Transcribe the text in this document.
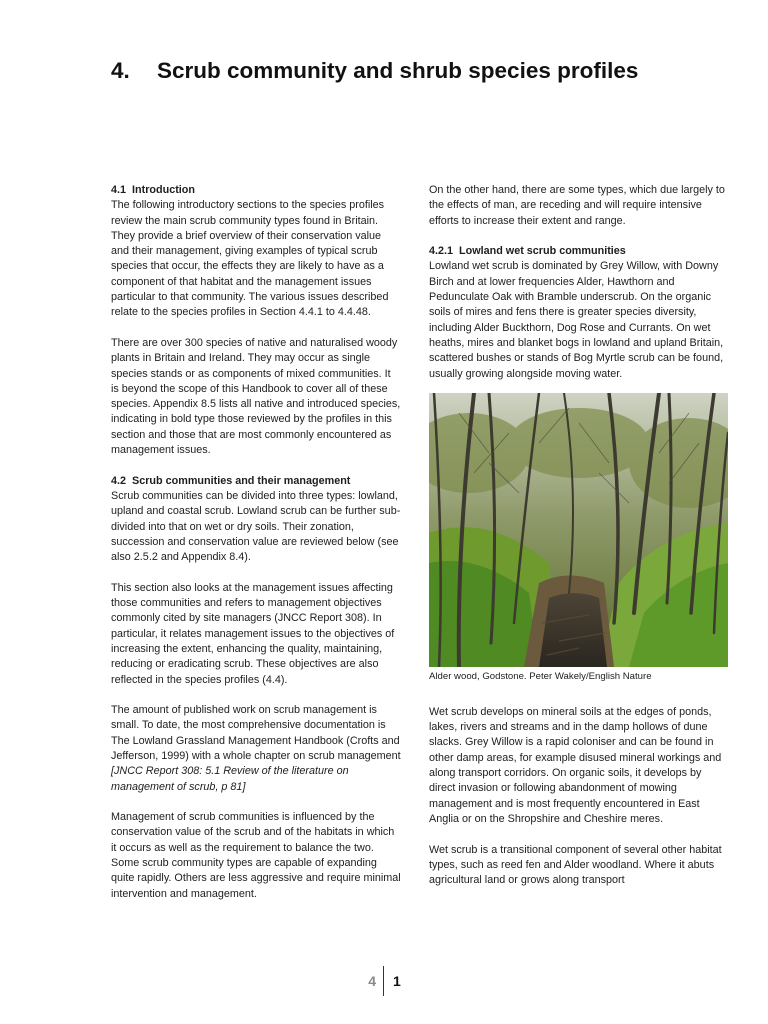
4. Scrub community and shrub species profiles
4.1 Introduction

The following introductory sections to the species profiles review the main scrub community types found in Britain. They provide a brief overview of their conservation value and their management, giving examples of typical scrub species that occur, the effects they are likely to have as a component of that habitat and the management issues particular to that community. The various issues described relate to the species profiles in Section 4.4.1 to 4.4.48.

There are over 300 species of native and naturalised woody plants in Britain and Ireland. They may occur as single species stands or as components of mixed communities. It is beyond the scope of this Handbook to cover all of these species. Appendix 8.5 lists all native and introduced species, indicating in bold type those reviewed by the profiles in this section and those that are most commonly encountered as management issues.

4.2 Scrub communities and their management

Scrub communities can be divided into three types: lowland, upland and coastal scrub. Lowland scrub can be further sub-divided into that on wet or dry soils. Their zonation, succession and conservation value are reviewed below (see also 2.5.2 and Appendix 8.4).

This section also looks at the management issues affecting those communities and refers to management objectives commonly cited by site managers (JNCC Report 308). In particular, it relates management issues to the objectives of increasing the extent, enhancing the quality, maintaining, reducing or eradicating scrub. These objectives are also reflected in the species profiles (4.4).

The amount of published work on scrub management is small. To date, the most comprehensive documentation is The Lowland Grassland Management Handbook (Crofts and Jefferson, 1999) with a whole chapter on scrub management [JNCC Report 308: 5.1 Review of the literature on management of scrub, p 81]

Management of scrub communities is influenced by the conservation value of the scrub and of the habitats in which it occurs as well as the requirement to balance the two. Some scrub community types are capable of expanding quite rapidly. Others are less aggressive and require minimal intervention and management.

On the other hand, there are some types, which due largely to the effects of man, are receding and will require intensive efforts to increase their extent and range.

4.2.1 Lowland wet scrub communities

Lowland wet scrub is dominated by Grey Willow, with Downy Birch and at lower frequencies Alder, Hawthorn and Pedunculate Oak with Bramble underscrub. On the organic soils of mires and fens there is greater species diversity, including Alder Buckthorn, Dog Rose and Currants. On wet heaths, mires and blanket bogs in lowland and upland Britain, scattered bushes or stands of Bog Myrtle scrub can be found, usually growing alongside moving water.

Alder wood, Godstone. Peter Wakely/English Nature

Wet scrub develops on mineral soils at the edges of ponds, lakes, rivers and streams and in the damp hollows of dune slacks. Grey Willow is a rapid coloniser and can be found in other damp areas, for example disused mineral workings and along transport corridors. On organic soils, it develops by direct invasion or following abandonment of mowing management and is most frequently encountered in East Anglia or on the Shropshire and Cheshire meres.

Wet scrub is a transitional component of several other habitat types, such as reed fen and Alder woodland. Where it abuts agricultural land or grows along transport

4 1
